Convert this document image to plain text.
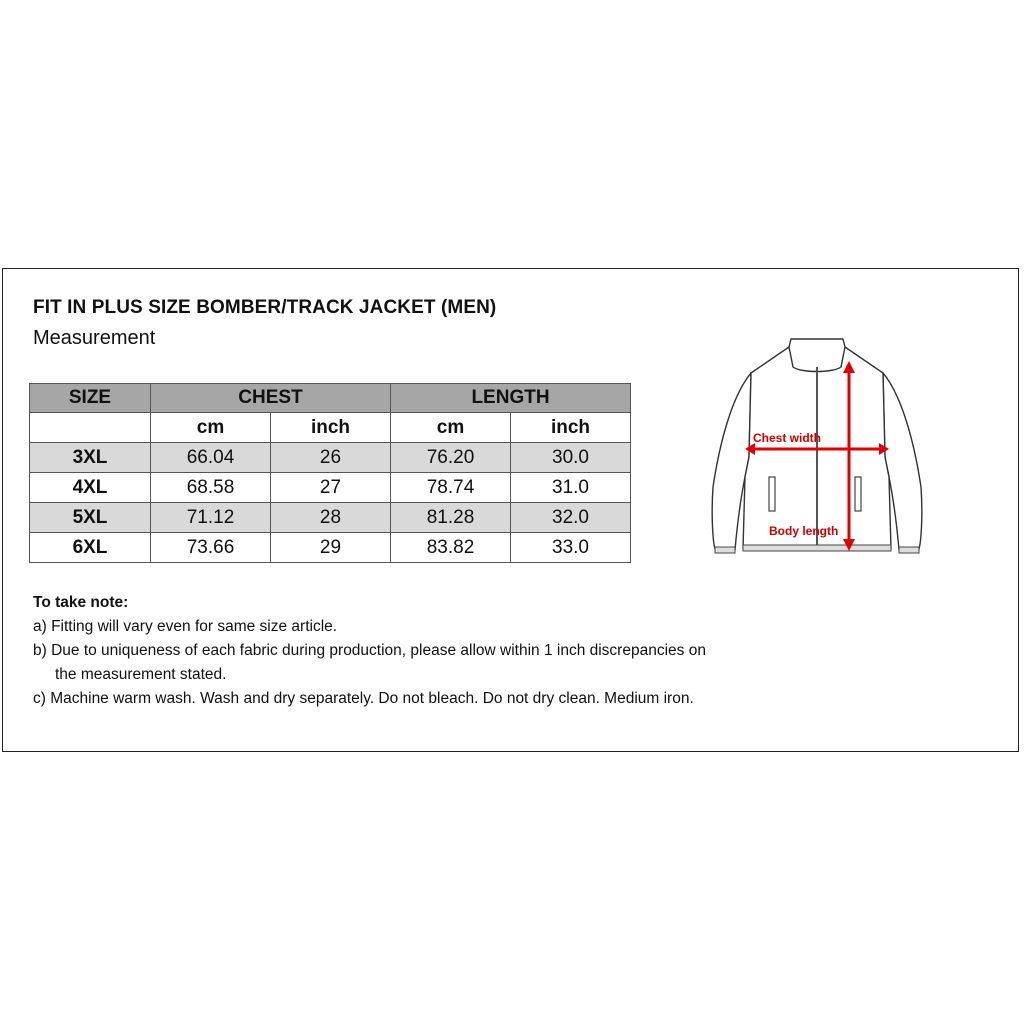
FIT IN PLUS SIZE BOMBER/TRACK JACKET (MEN)
Measurement
SIZE	CHEST		LENGTH	
	cm	inch	cm	inch
3XL	66.04	26	76.20	30.0
4XL	68.58	27	78.74	31.0
5XL	71.12	28	81.28	32.0
6XL	73.66	29	83.82	33.0
Chest width
Body length
To take note:
a) Fitting will vary even for same size article.
b) Due to uniqueness of each fabric during production, please allow within 1 inch discrepancies on
the measurement stated.
c) Machine warm wash. Wash and dry separately. Do not bleach. Do not dry clean. Medium iron.
